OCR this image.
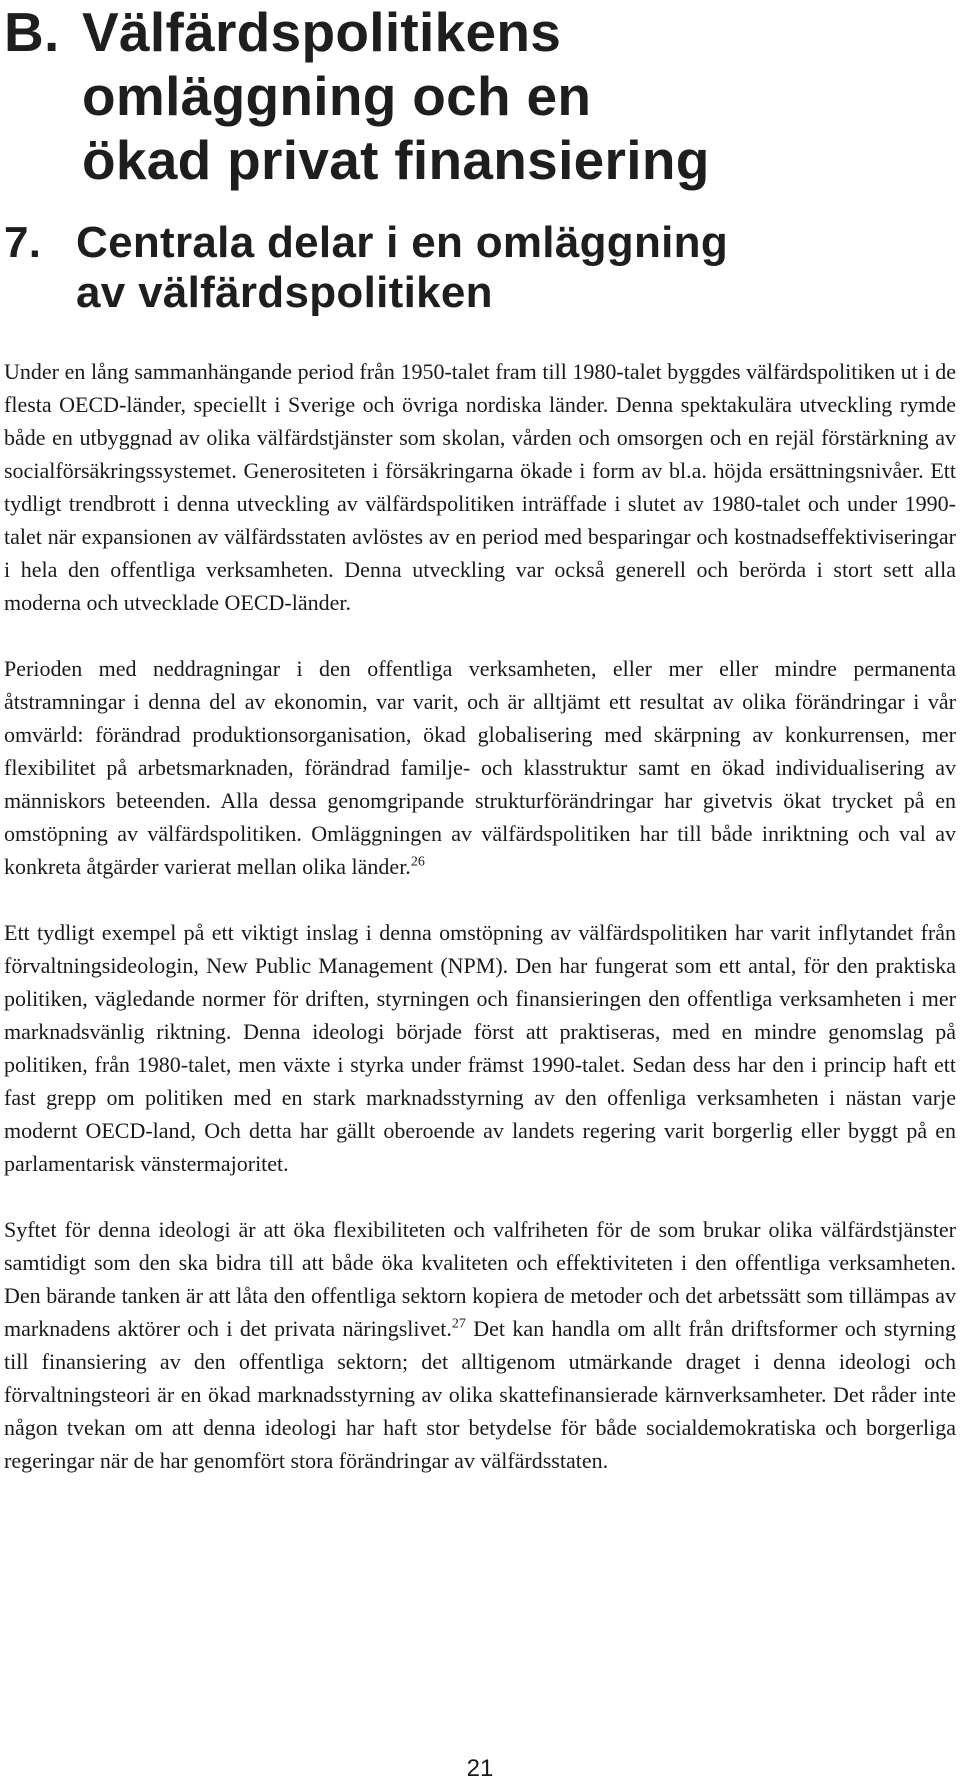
B. Välfärdspolitikens
omläggning och en
ökad privat finansiering
7. Centrala delar i en omläggning
av välfärdspolitiken

Under en lång sammanhängande period från 1950-talet fram till 1980-talet byggdes välfärdspolitiken ut i de flesta OECD-länder, speciellt i Sverige och övriga nordiska länder. Denna spektakulära utveckling rymde både en utbyggnad av olika välfärdstjänster som skolan, vården och omsorgen och en rejäl förstärkning av socialförsäkringssystemet. Generositeten i försäkringarna ökade i form av bl.a. höjda ersättningsnivåer. Ett tydligt trendbrott i denna utveckling av välfärdspolitiken inträffade i slutet av 1980-talet och under 1990-talet när expansionen av välfärdsstaten avlöstes av en period med besparingar och kostnadseffektiviseringar i hela den offentliga verksamheten. Denna utveckling var också generell och berörda i stort sett alla moderna och utvecklade OECD-länder.

Perioden med neddragningar i den offentliga verksamheten, eller mer eller mindre permanenta åtstramningar i denna del av ekonomin, var varit, och är alltjämt ett resultat av olika förändringar i vår omvärld: förändrad produktionsorganisation, ökad globalisering med skärpning av konkurrensen, mer flexibilitet på arbetsmarknaden, förändrad familje- och klasstruktur samt en ökad individualisering av människors beteenden. Alla dessa genomgripande strukturförändringar har givetvis ökat trycket på en omstöpning av välfärdspolitiken. Omläggningen av välfärdspolitiken har till både inriktning och val av konkreta åtgärder varierat mellan olika länder.$^{26}$

Ett tydligt exempel på ett viktigt inslag i denna omstöpning av välfärdspolitiken har varit inflytandet från förvaltningsideologin, New Public Management (NPM). Den har fungerat som ett antal, för den praktiska politiken, vägledande normer för driften, styrningen och finansieringen den offentliga verksamheten i mer marknadsvänlig riktning. Denna ideologi började först att praktiseras, med en mindre genomslag på politiken, från 1980-talet, men växte i styrka under främst 1990-talet. Sedan dess har den i princip haft ett fast grepp om politiken med en stark marknadsstyrning av den offenliga verksamheten i nästan varje modernt OECD-land, Och detta har gällt oberoende av landets regering varit borgerlig eller byggt på en parlamentarisk vänstermajoritet.

Syftet för denna ideologi är att öka flexibiliteten och valfriheten för de som brukar olika välfärdstjänster samtidigt som den ska bidra till att både öka kvaliteten och effektiviteten i den offentliga verksamheten. Den bärande tanken är att låta den offentliga sektorn kopiera de metoder och det arbetssätt som tillämpas av marknadens aktörer och i det privata näringslivet.$^{27}$ Det kan handla om allt från driftsformer och styrning till finansiering av den offentliga sektorn; det alltigenom utmärkande draget i denna ideologi och förvaltningsteori är en ökad marknadsstyrning av olika skattefinansierade kärnverksamheter. Det råder inte någon tvekan om att denna ideologi har haft stor betydelse för både socialdemokratiska och borgerliga regeringar när de har genomfört stora förändringar av välfärdsstaten.

21
